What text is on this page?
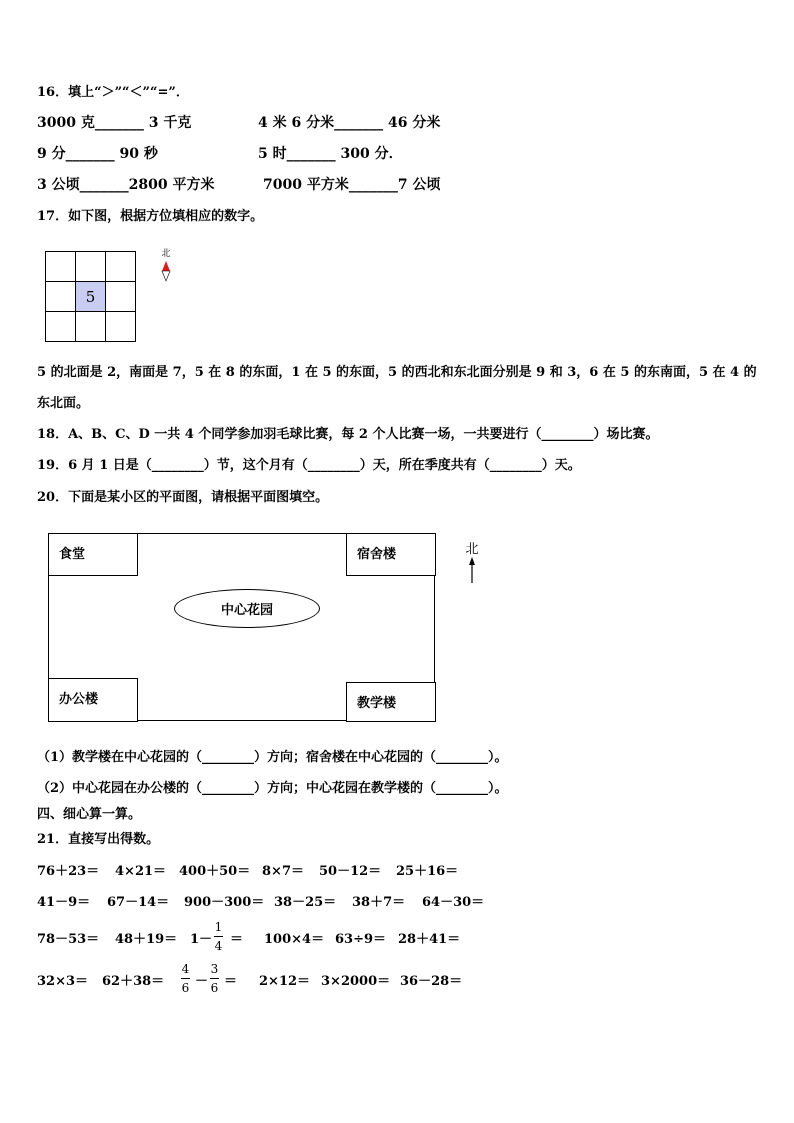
16．填上“＞”“＜”“=”．
3000 克_______ 3 千克	4 米 6 分米_______ 46 分米
9 分_______ 90 秒	5 时_______ 300 分．
3 公顷_______2800 平方米	7000 平方米_______7 公顷
17．如下图，根据方位填相应的数字。
5
北
5 的北面是 2，南面是 7，5 在 8 的东面，1 在 5 的东面，5 的西北和东北面分别是 9 和 3，6 在 5 的东南面，5 在 4 的
东北面。
18．A、B、C、D 一共 4 个同学参加羽毛球比赛，每 2 个人比赛一场，一共要进行（________）场比赛。
19．6 月 1 日是（________）节，这个月有（________）天，所在季度共有（________）天。
20．下面是某小区的平面图，请根据平面图填空。
食堂	宿舍楼
中心花园
办公楼	教学楼
北
（1）教学楼在中心花园的（________）方向；宿舍楼在中心花园的（________）。
（2）中心花园在办公楼的（________）方向；中心花园在教学楼的（________）。
四、细心算一算。
21．直接写出得数。
76＋23＝ 4×21＝ 400＋50＝ 8×7＝ 50－12＝ 25＋16＝
41－9＝ 67－14＝ 900－300＝ 38－25＝ 38＋7＝ 64－30＝
78－53＝ 48＋19＝ 1－
1
4 ＝ 100×4＝ 63÷9＝ 28＋41＝
32×3＝ 62＋38＝
4
6 －
3
6 ＝ 2×12＝ 3×2000＝ 36－28＝
